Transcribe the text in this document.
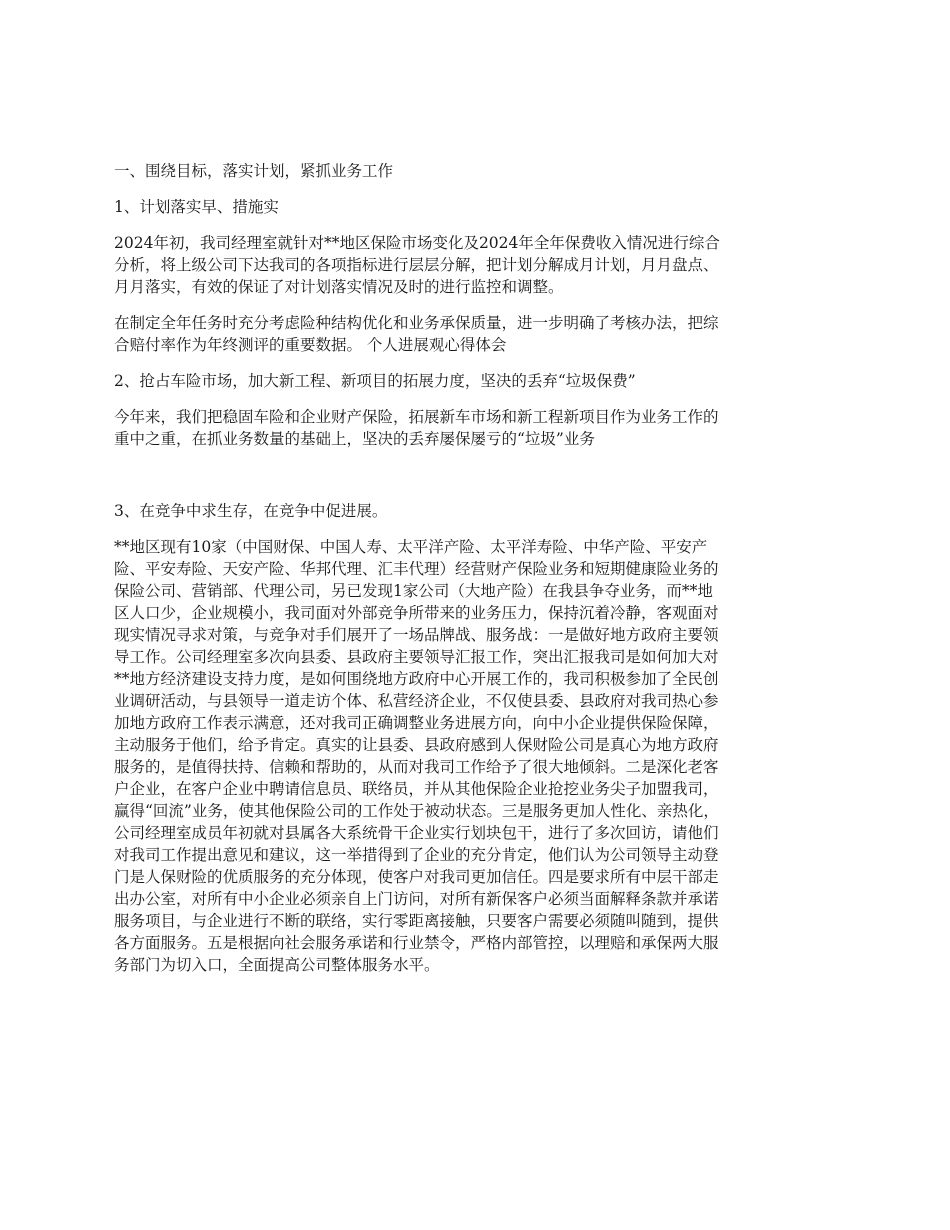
一、围绕目标，落实计划，紧抓业务工作

1、计划落实早、措施实

2024年初，我司经理室就针对**地区保险市场变化及2024年全年保费收入情况进行综合
分析，将上级公司下达我司的各项指标进行层层分解，把计划分解成月计划，月月盘点、
月月落实，有效的保证了对计划落实情况及时的进行监控和调整。

在制定全年任务时充分考虑险种结构优化和业务承保质量，进一步明确了考核办法，把综
合赔付率作为年终测评的重要数据。 个人进展观心得体会

2、抢占车险市场，加大新工程、新项目的拓展力度，坚决的丢弃“垃圾保费”

今年来，我们把稳固车险和企业财产保险，拓展新车市场和新工程新项目作为业务工作的
重中之重，在抓业务数量的基础上，坚决的丢弃屡保屡亏的“垃圾”业务

3、在竞争中求生存，在竞争中促进展。

**地区现有10家（中国财保、中国人寿、太平洋产险、太平洋寿险、中华产险、平安产
险、平安寿险、天安产险、华邦代理、汇丰代理）经营财产保险业务和短期健康险业务的
保险公司、营销部、代理公司，另已发现1家公司（大地产险）在我县争夺业务，而**地
区人口少，企业规模小，我司面对外部竞争所带来的业务压力，保持沉着冷静，客观面对
现实情况寻求对策，与竞争对手们展开了一场品牌战、服务战：一是做好地方政府主要领
导工作。公司经理室多次向县委、县政府主要领导汇报工作，突出汇报我司是如何加大对
**地方经济建设支持力度，是如何围绕地方政府中心开展工作的，我司积极参加了全民创
业调研活动，与县领导一道走访个体、私营经济企业，不仅使县委、县政府对我司热心参
加地方政府工作表示满意，还对我司正确调整业务进展方向，向中小企业提供保险保障，
主动服务于他们，给予肯定。真实的让县委、县政府感到人保财险公司是真心为地方政府
服务的，是值得扶持、信赖和帮助的，从而对我司工作给予了很大地倾斜。二是深化老客
户企业，在客户企业中聘请信息员、联络员，并从其他保险企业抢挖业务尖子加盟我司，
赢得“回流”业务，使其他保险公司的工作处于被动状态。三是服务更加人性化、亲热化，
公司经理室成员年初就对县属各大系统骨干企业实行划块包干，进行了多次回访，请他们
对我司工作提出意见和建议，这一举措得到了企业的充分肯定，他们认为公司领导主动登
门是人保财险的优质服务的充分体现，使客户对我司更加信任。四是要求所有中层干部走
出办公室，对所有中小企业必须亲自上门访问，对所有新保客户必须当面解释条款并承诺
服务项目，与企业进行不断的联络，实行零距离接触，只要客户需要必须随叫随到，提供
各方面服务。五是根据向社会服务承诺和行业禁令，严格内部管控，以理赔和承保两大服
务部门为切入口，全面提高公司整体服务水平。
